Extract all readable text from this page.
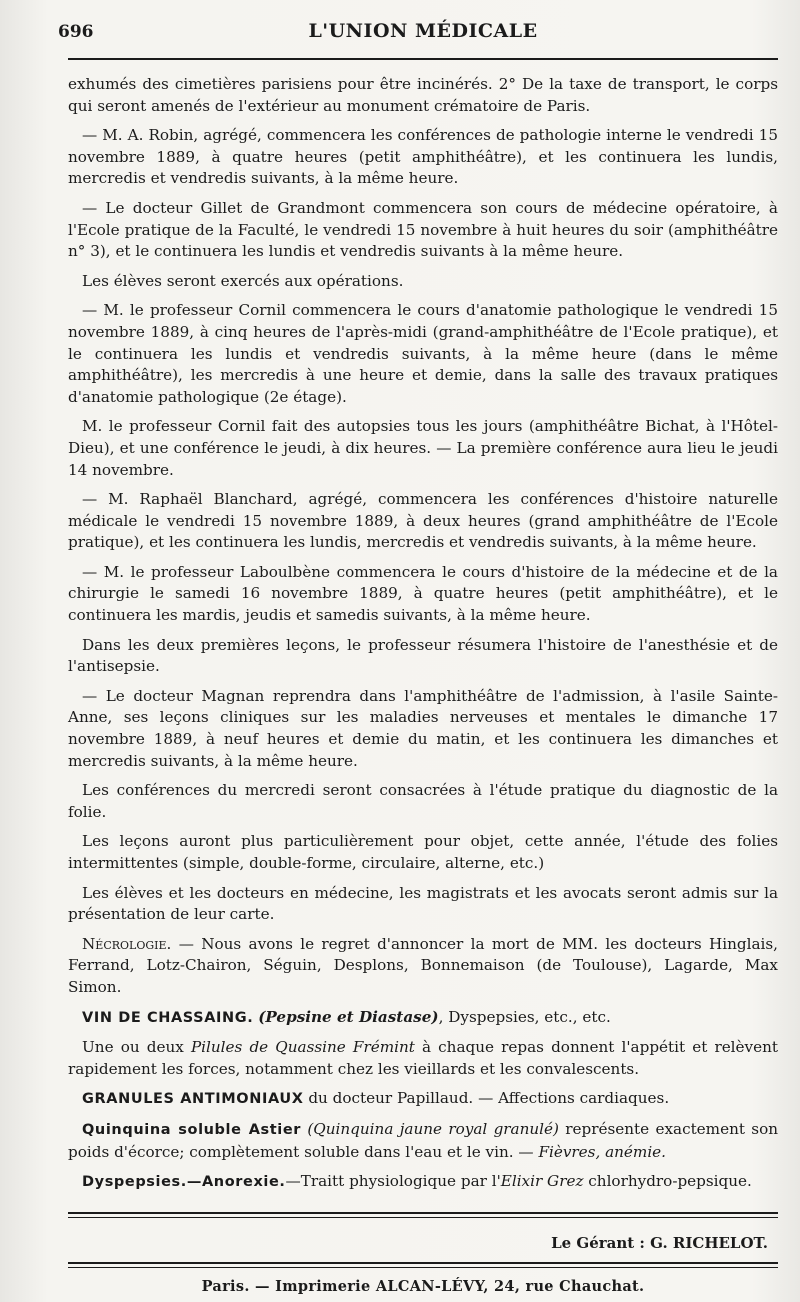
696	L'UNION MÉDICALE

exhumés des cimetières parisiens pour être incinérés. 2° De la taxe de transport, le corps qui seront amenés de l'extérieur au monument crématoire de Paris.

— M. A. Robin, agrégé, commencera les conférences de pathologie interne le vendredi 15 novembre 1889, à quatre heures (petit amphithéâtre), et les continuera les lundis, mercredis et vendredis suivants, à la même heure.

— Le docteur Gillet de Grandmont commencera son cours de médecine opératoire, à l'Ecole pratique de la Faculté, le vendredi 15 novembre à huit heures du soir (amphithéâtre n° 3), et le continuera les lundis et vendredis suivants à la même heure.

Les élèves seront exercés aux opérations.

— M. le professeur Cornil commencera le cours d'anatomie pathologique le vendredi 15 novembre 1889, à cinq heures de l'après-midi (grand-amphithéâtre de l'Ecole pratique), et le continuera les lundis et vendredis suivants, à la même heure (dans le même amphithéâtre), les mercredis à une heure et demie, dans la salle des travaux pratiques d'anatomie pathologique (2e étage).

M. le professeur Cornil fait des autopsies tous les jours (amphithéâtre Bichat, à l'Hôtel-Dieu), et une conférence le jeudi, à dix heures. — La première conférence aura lieu le jeudi 14 novembre.

— M. Raphaël Blanchard, agrégé, commencera les conférences d'histoire naturelle médicale le vendredi 15 novembre 1889, à deux heures (grand amphithéâtre de l'Ecole pratique), et les continuera les lundis, mercredis et vendredis suivants, à la même heure.

— M. le professeur Laboulbène commencera le cours d'histoire de la médecine et de la chirurgie le samedi 16 novembre 1889, à quatre heures (petit amphithéâtre), et le continuera les mardis, jeudis et samedis suivants, à la même heure.

Dans les deux premières leçons, le professeur résumera l'histoire de l'anesthésie et de l'antisepsie.

— Le docteur Magnan reprendra dans l'amphithéâtre de l'admission, à l'asile Sainte-Anne, ses leçons cliniques sur les maladies nerveuses et mentales le dimanche 17 novembre 1889, à neuf heures et demie du matin, et les continuera les dimanches et mercredis suivants, à la même heure.

Les conférences du mercredi seront consacrées à l'étude pratique du diagnostic de la folie.

Les leçons auront plus particulièrement pour objet, cette année, l'étude des folies intermittentes (simple, double-forme, circulaire, alterne, etc.)

Les élèves et les docteurs en médecine, les magistrats et les avocats seront admis sur la présentation de leur carte.

Nécrologie. — Nous avons le regret d'annoncer la mort de MM. les docteurs Hinglais, Ferrand, Lotz-Chairon, Séguin, Desplons, Bonnemaison (de Toulouse), Lagarde, Max Simon.

VIN DE CHASSAING. (Pepsine et Diastase), Dyspepsies, etc., etc.

Une ou deux Pilules de Quassine Frémint à chaque repas donnent l'appétit et relèvent rapidement les forces, notamment chez les vieillards et les convalescents.

GRANULES ANTIMONIAUX du docteur Papillaud. — Affections cardiaques.

Quinquina soluble Astier (Quinquina jaune royal granulé) représente exactement son poids d'écorce; complètement soluble dans l'eau et le vin. — Fièvres, anémie.

Dyspepsies.—Anorexie.—Traitt physiologique par l'Elixir Grez chlorhydro-pepsique.

Le Gérant : G. RICHELOT.
Paris. — Imprimerie ALCAN-LÉVY, 24, rue Chauchat.
